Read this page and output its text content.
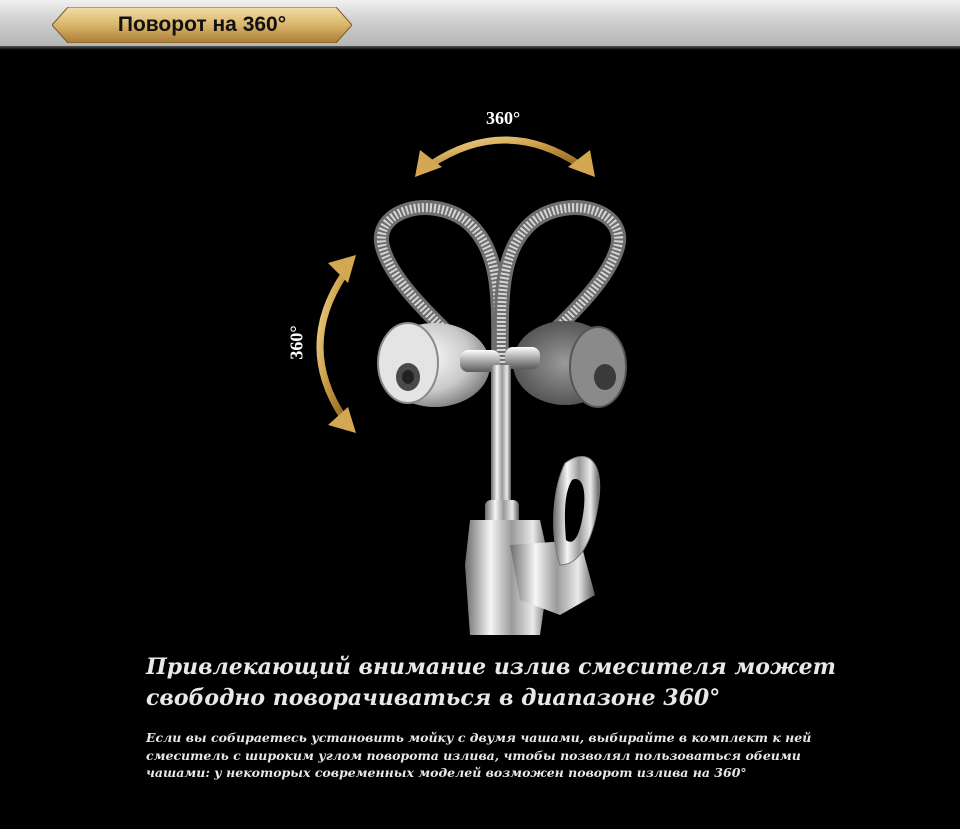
Поворот на 360°
360°
360°
Привлекающий внимание излив смесителя может
свободно поворачиваться в диапазоне 360°
Если вы собираетесь установить мойку с двумя чашами, выбирайте в комплект к ней
смеситель с широким углом поворота излива, чтобы позволял пользоваться обеими
чашами: у некоторых современных моделей возможен поворот излива на 360°
